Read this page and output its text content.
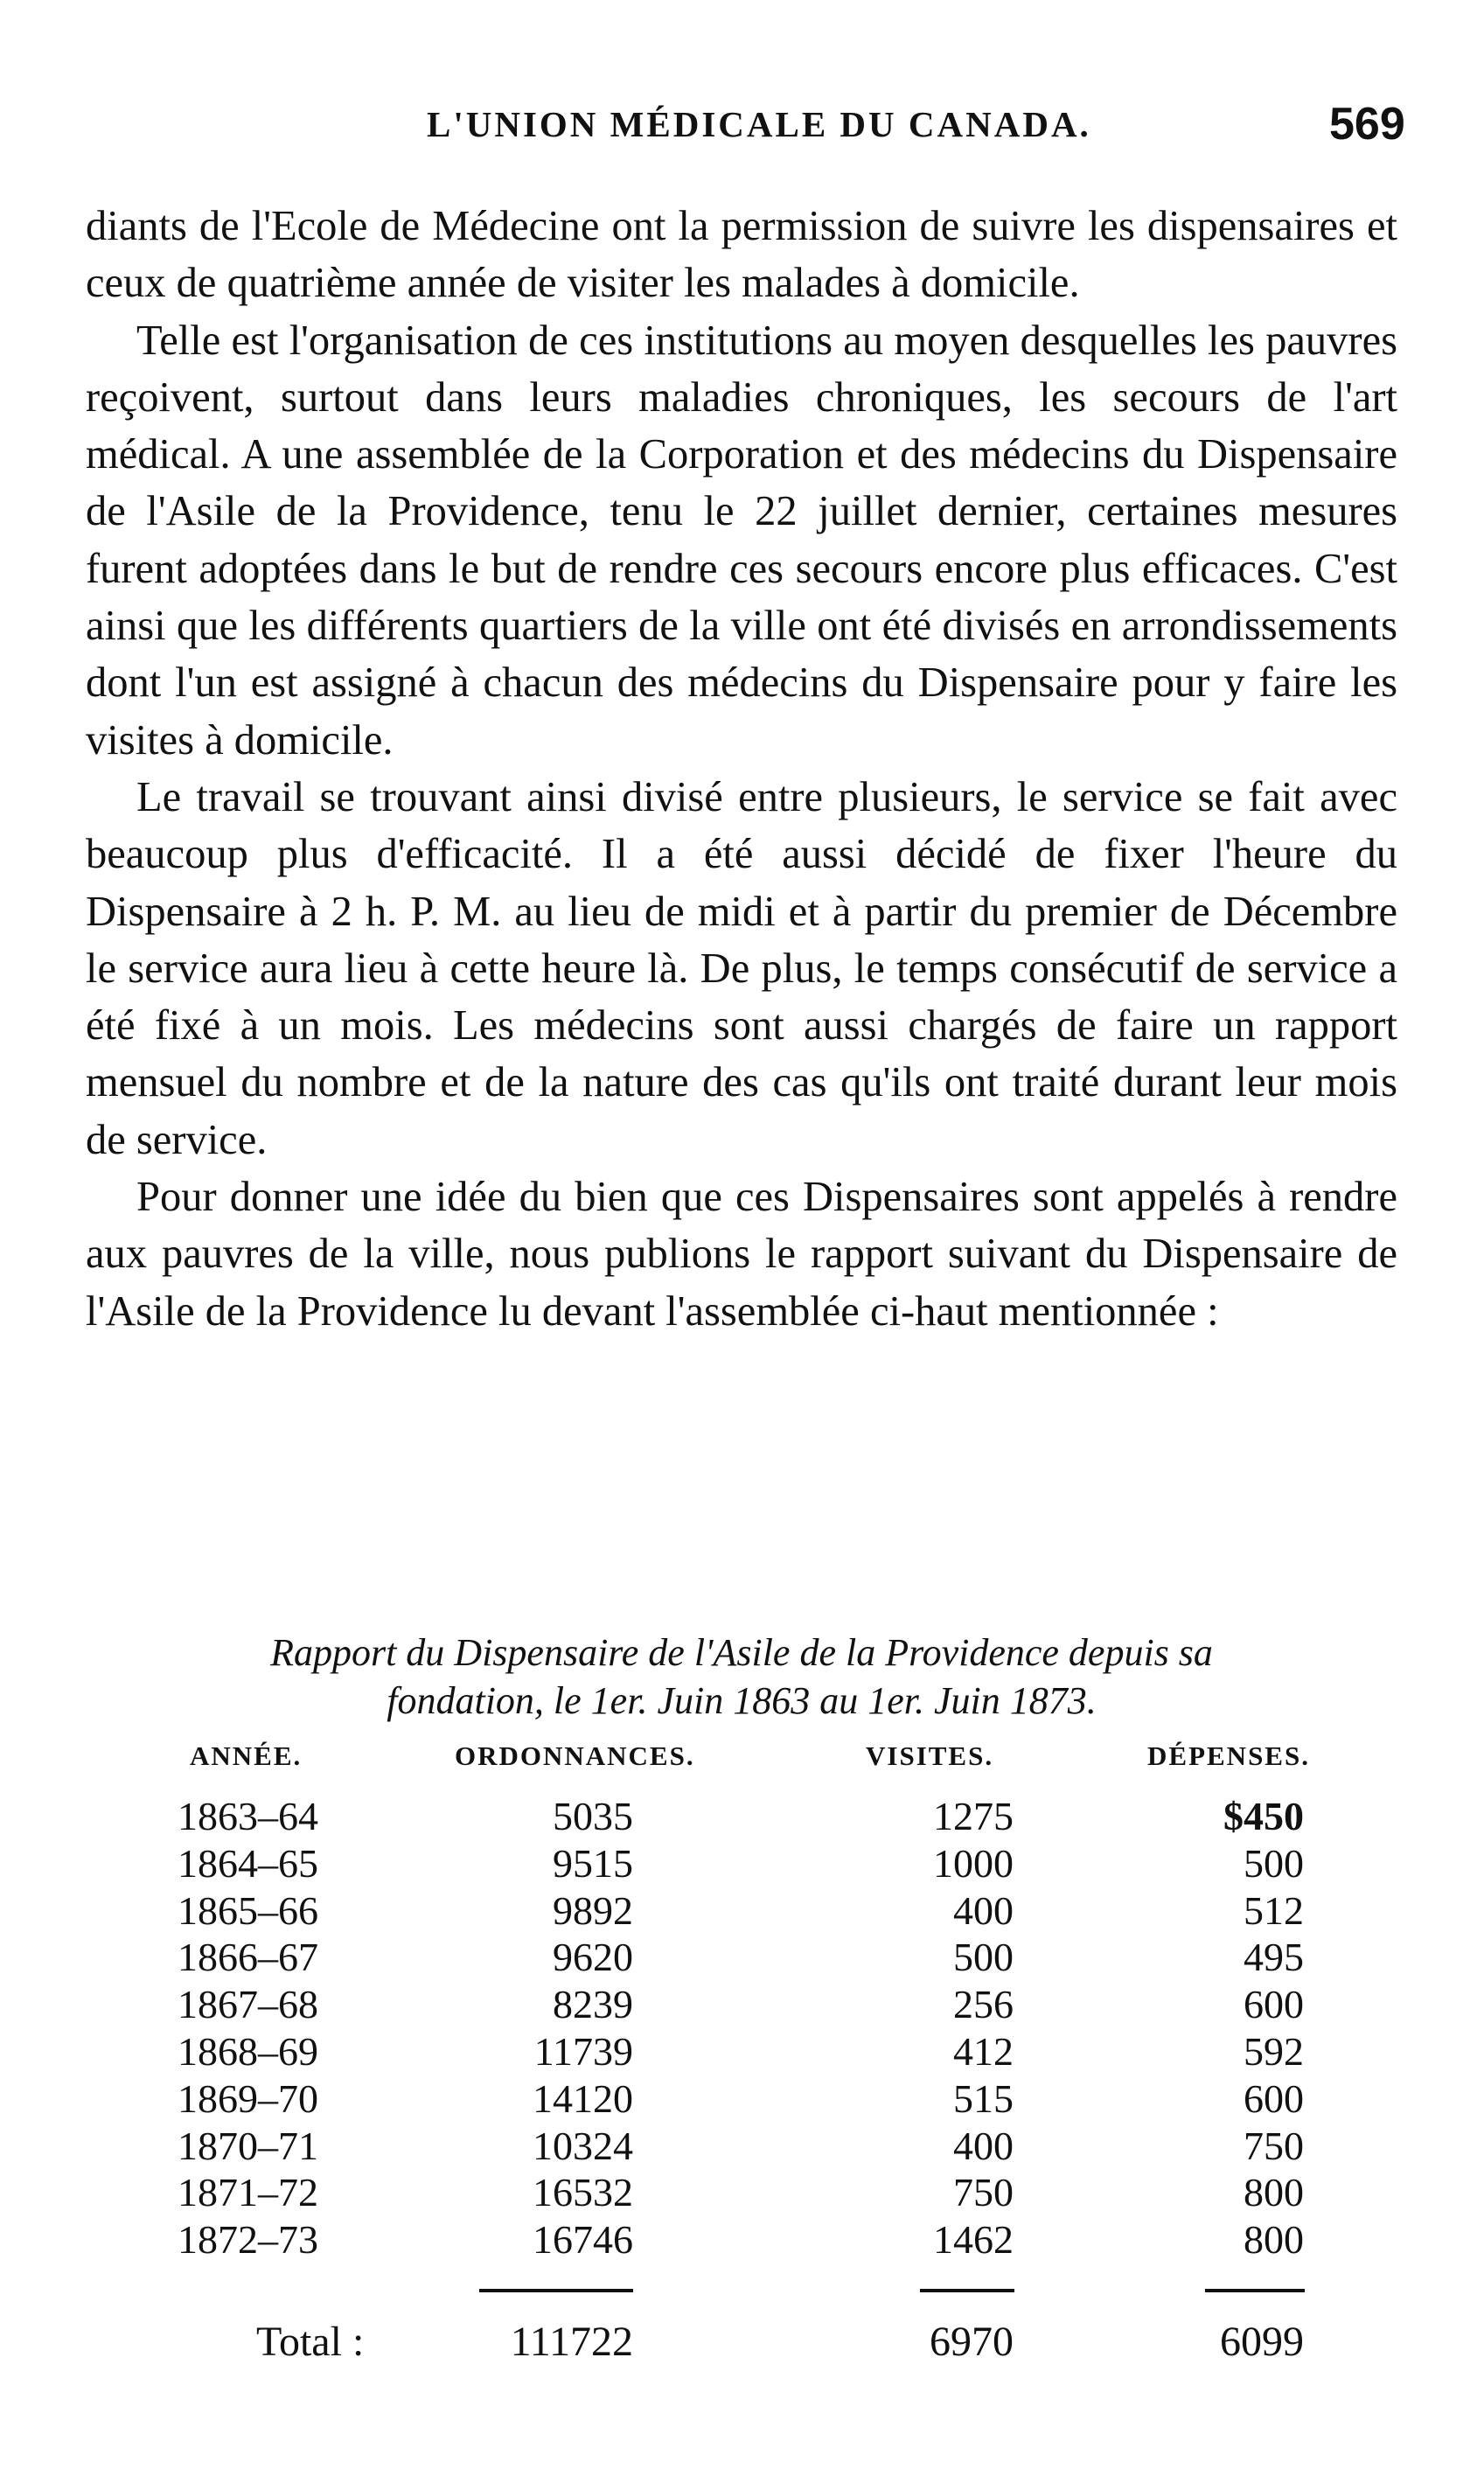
L'UNION MÉDICALE DU CANADA.	569

diants de l'Ecole de Médecine ont la permission de suivre les dispensaires et ceux de quatrième année de visiter les malades à domicile.

Telle est l'organisation de ces institutions au moyen desquelles les pauvres reçoivent, surtout dans leurs maladies chroniques, les secours de l'art médical. A une assemblée de la Corporation et des médecins du Dispensaire de l'Asile de la Providence, tenu le 22 juillet dernier, certaines mesures furent adoptées dans le but de rendre ces secours encore plus efficaces. C'est ainsi que les différents quartiers de la ville ont été divisés en arrondissements dont l'un est assigné à chacun des médecins du Dispensaire pour y faire les visites à domicile.

Le travail se trouvant ainsi divisé entre plusieurs, le service se fait avec beaucoup plus d'efficacité. Il a été aussi décidé de fixer l'heure du Dispensaire à 2 h. P. M. au lieu de midi et à partir du premier de Décembre le service aura lieu à cette heure là. De plus, le temps consécutif de service a été fixé à un mois. Les médecins sont aussi chargés de faire un rapport mensuel du nombre et de la nature des cas qu'ils ont traité durant leur mois de service.

Pour donner une idée du bien que ces Dispensaires sont appelés à rendre aux pauvres de la ville, nous publions le rapport suivant du Dispensaire de l'Asile de la Providence lu devant l'assemblée ci-haut mentionnée :

Rapport du Dispensaire de l'Asile de la Providence depuis sa
fondation, le 1er. Juin 1863 au 1er. Juin 1873.
ANNÉE.	ORDONNANCES.	VISITES.	DÉPENSES.
1863–64	5035	1275	$450
1864–65	9515	1000	500
1865–66	9892	400	512
1866–67	9620	500	495
1867–68	8239	256	600
1868–69	11739	412	592
1869–70	14120	515	600
1870–71	10324	400	750
1871–72	16532	750	800
1872–73	16746	1462	800
Total :	111722	6970	6099
